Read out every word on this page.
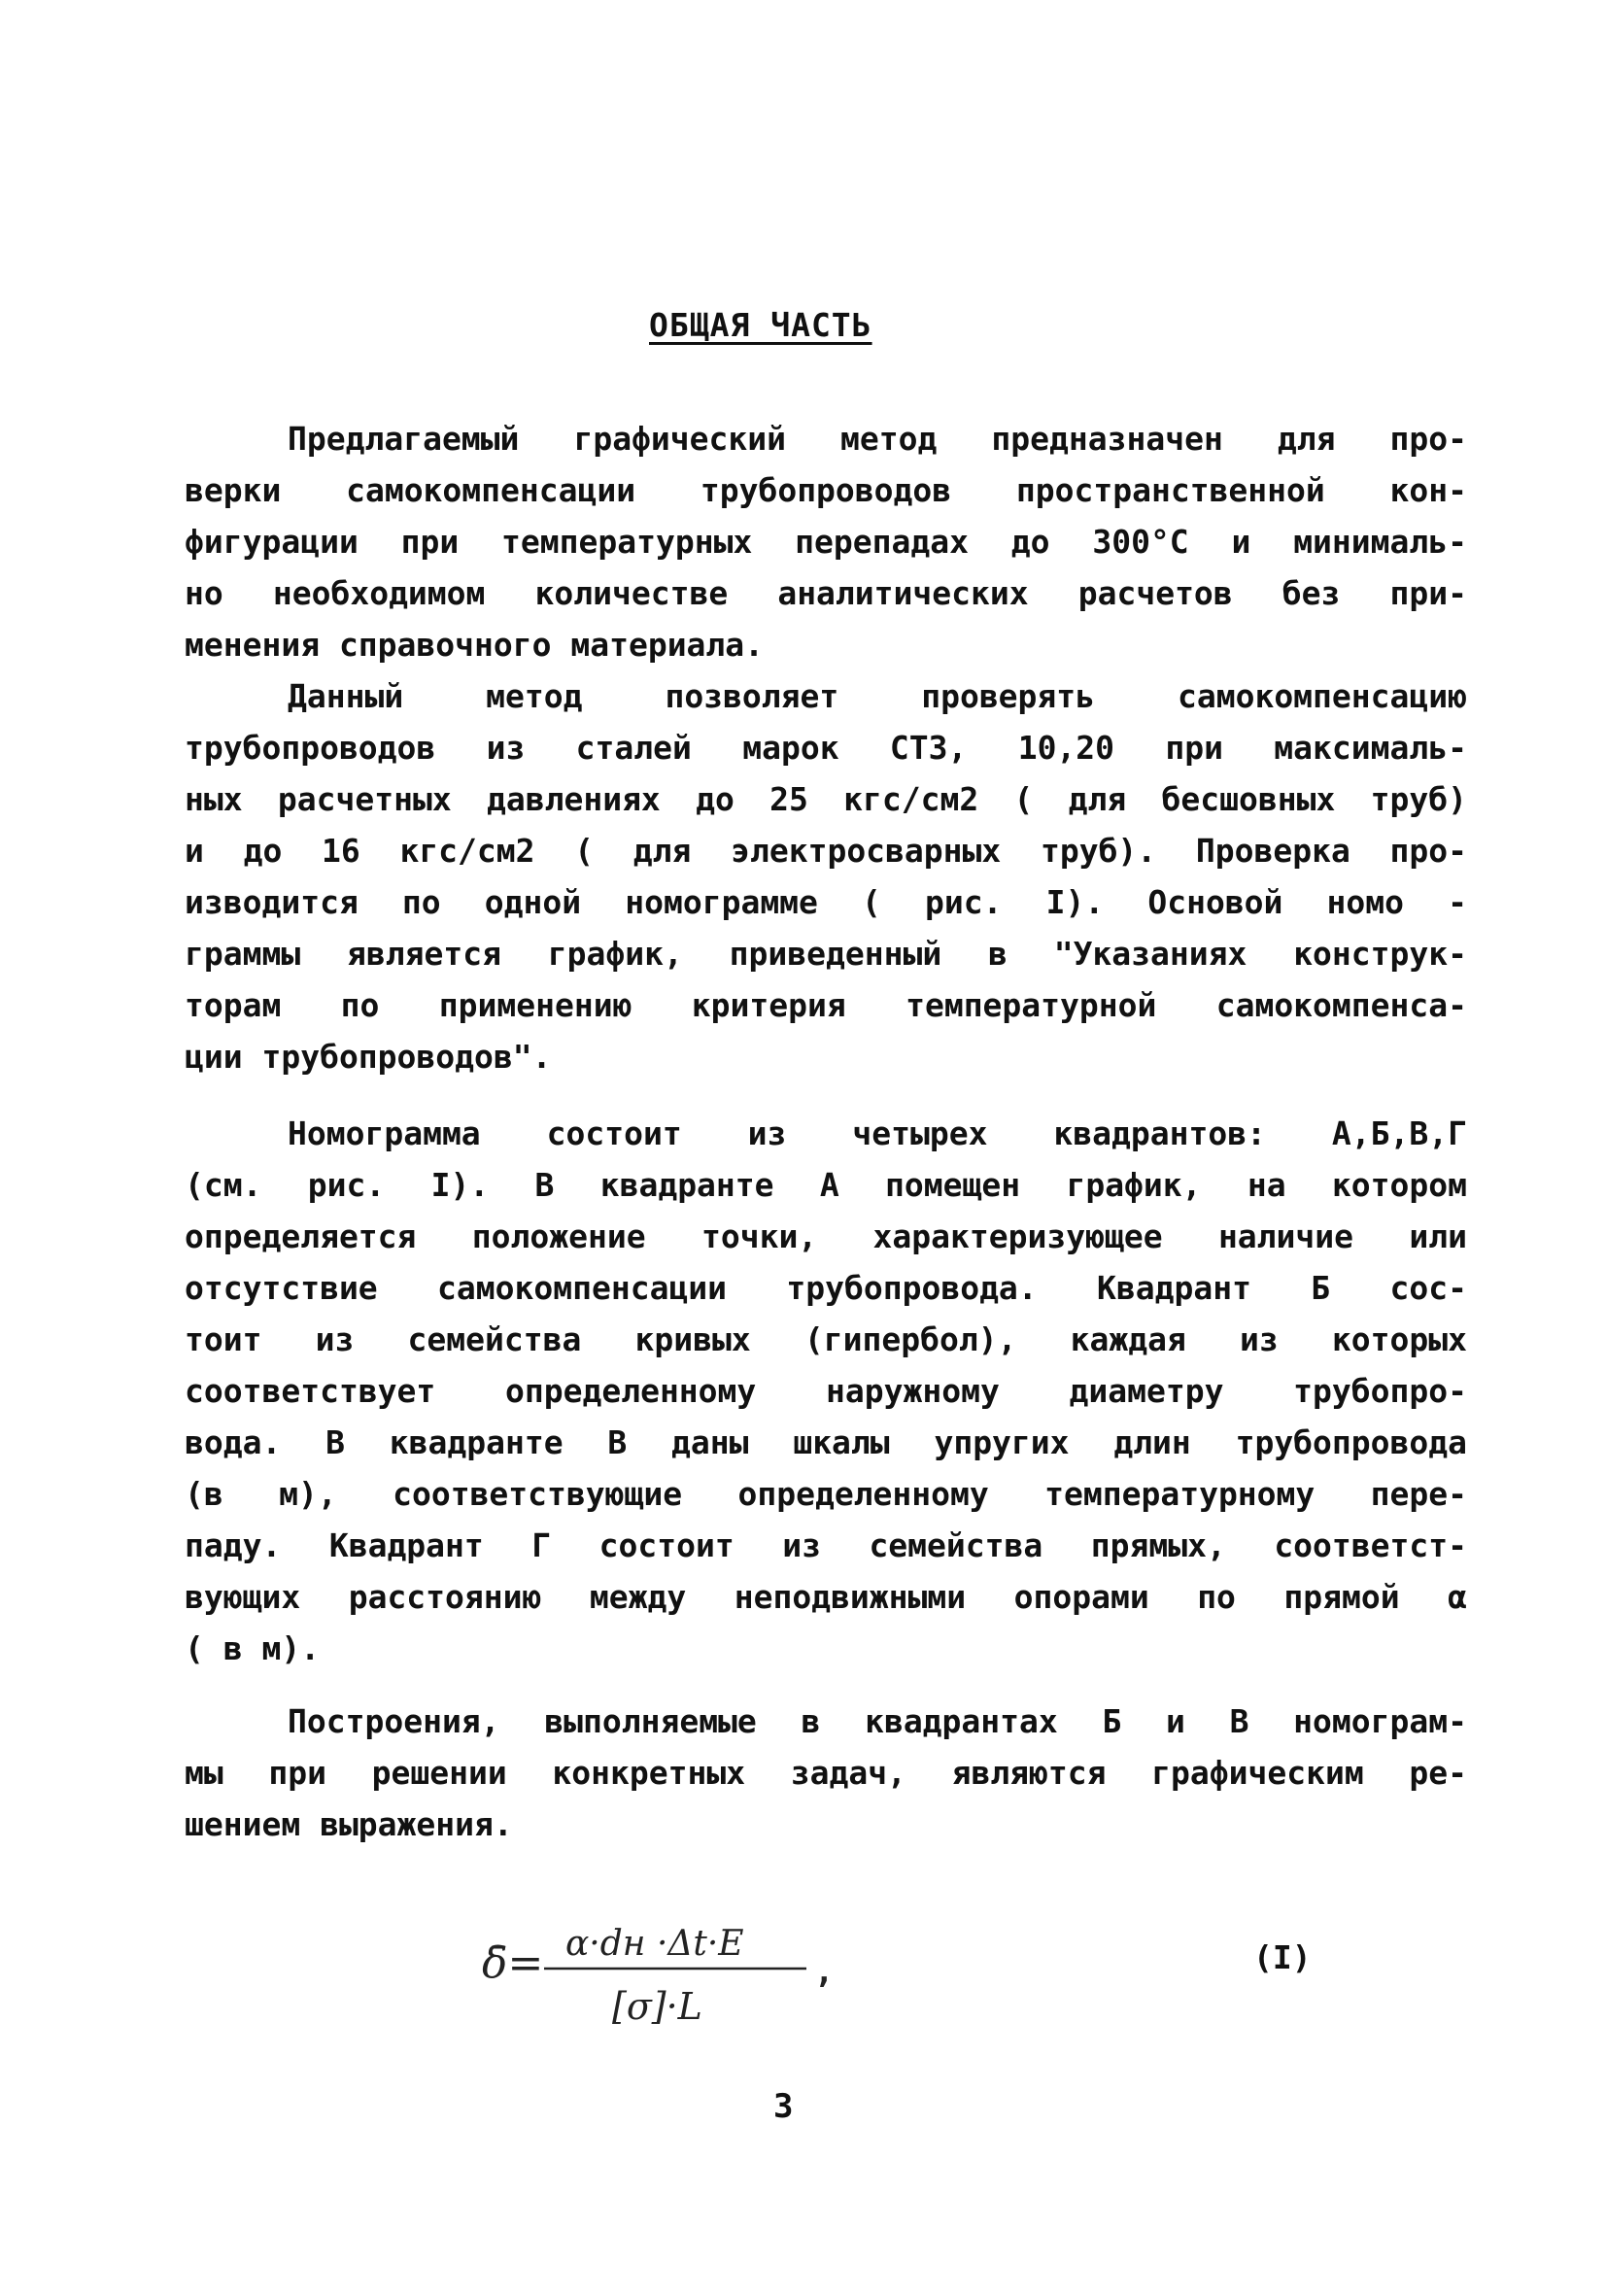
ОБЩАЯ ЧАСТЬ
Предлагаемый графический метод предназначен для про-
верки самокомпенсации трубопроводов пространственной кон-
фигурации при температурных перепадах до 300°С и минималь-
но необходимом количестве аналитических расчетов без при-
менения справочного материала.
Данный метод позволяет проверять самокомпенсацию
трубопроводов из сталей марок СТ3, 10,20 при максималь-
ных расчетных давлениях до 25 кгс/см2 ( для бесшовных труб)
и до 16 кгс/см2 ( для электросварных труб). Проверка про-
изводится по одной номограмме ( рис. I). Основой номо -
граммы является график, приведенный в "Указаниях конструк-
торам по применению критерия температурной самокомпенса-
ции трубопроводов".
Номограмма состоит из четырех квадрантов: А,Б,В,Г
(см. рис. I). В квадранте А помещен график, на котором
определяется положение точки, характеризующее наличие или
отсутствие самокомпенсации трубопровода. Квадрант Б сос-
тоит из семейства кривых (гипербол), каждая из которых
соответствует определенному наружному диаметру трубопро-
вода. В квадранте В даны шкалы упругих длин трубопровода
(в м), соответствующие определенному температурному пере-
паду. Квадрант Г состоит из семейства прямых, соответст-
вующих расстоянию между неподвижными опорами по прямой α
( в м).
Построения, выполняемые в квадрантах Б и В номограм-
мы при решении конкретных задач, являются графическим ре-
шением выражения.
δ̄= α·dн ·Δt·E
[σ]·L
,	(I)
3
